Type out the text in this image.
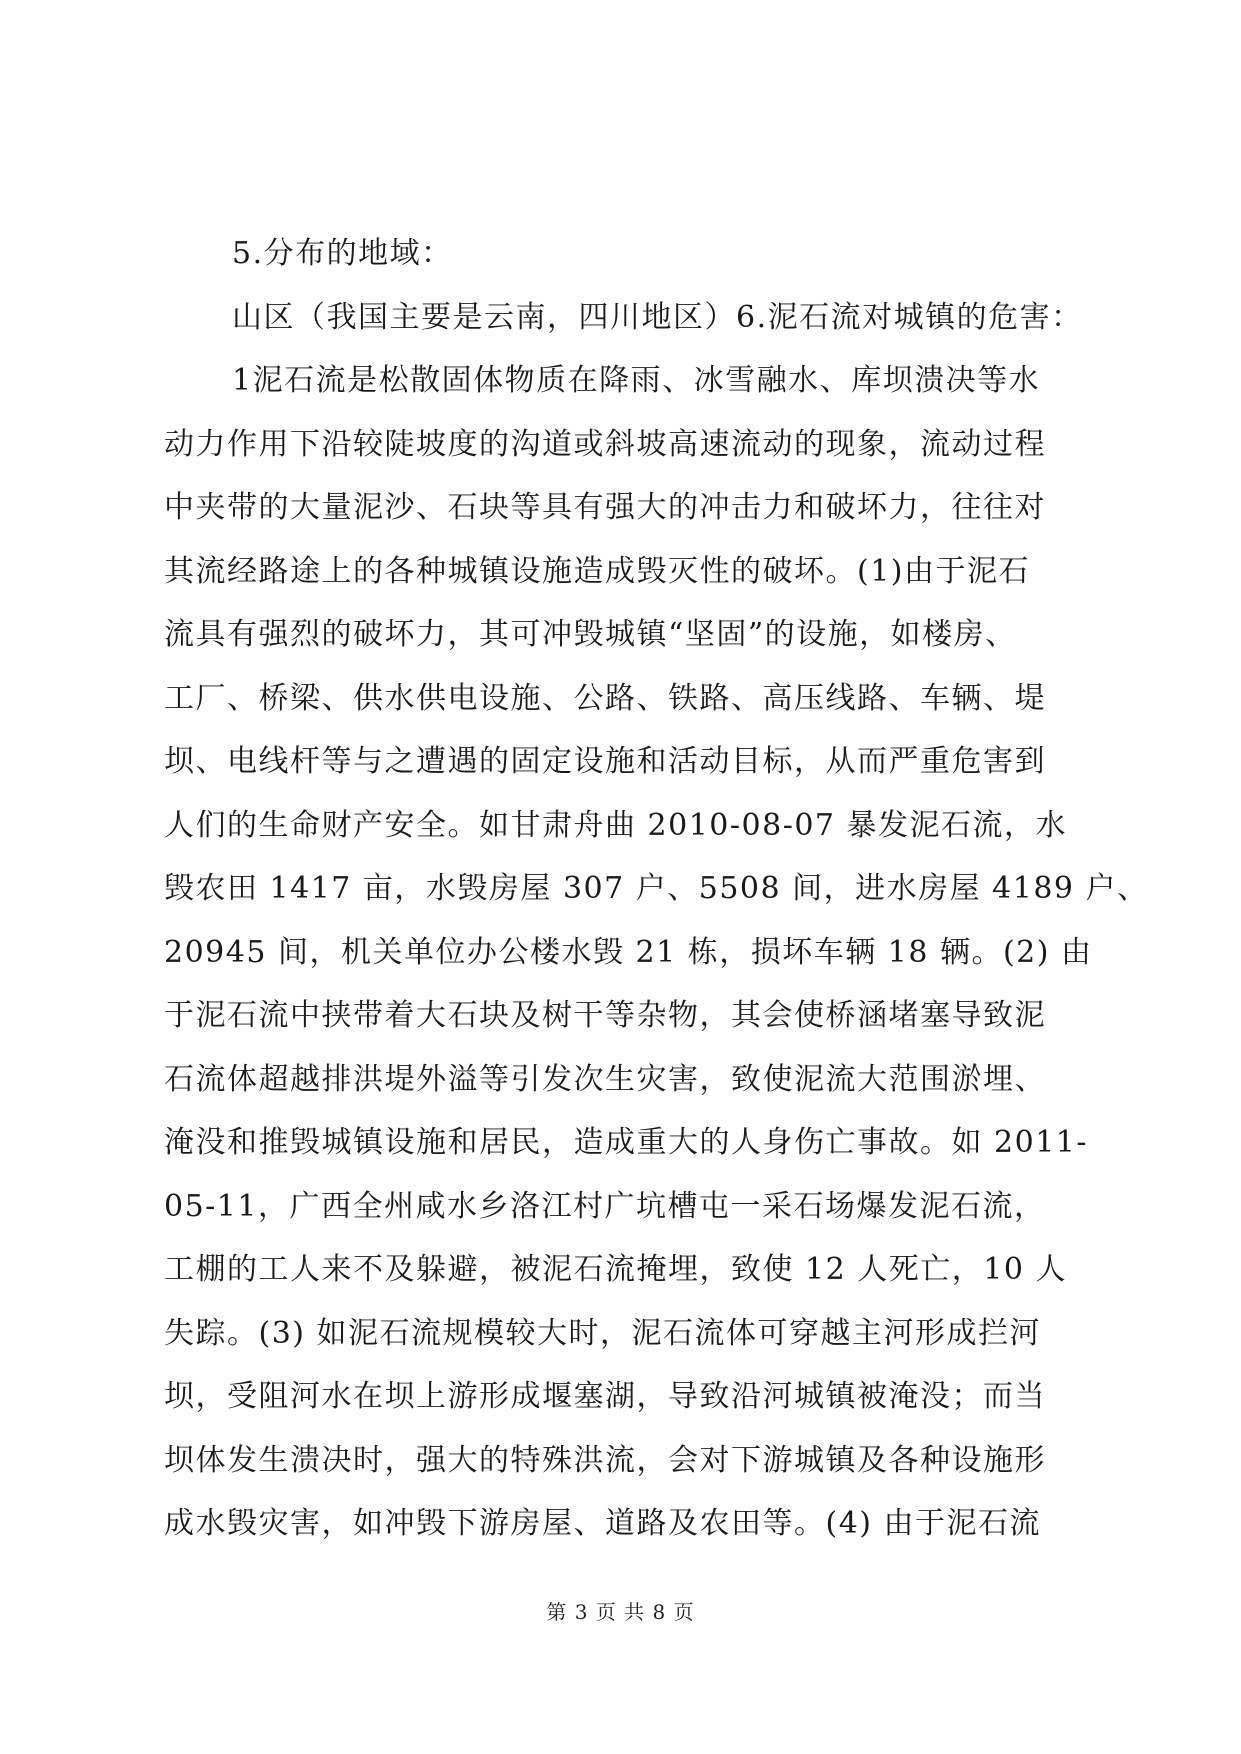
5.分布的地域：
山区（我国主要是云南，四川地区）6.泥石流对城镇的危害：
1泥石流是松散固体物质在降雨、冰雪融水、库坝溃决等水
动力作用下沿较陡坡度的沟道或斜坡高速流动的现象，流动过程
中夹带的大量泥沙、石块等具有强大的冲击力和破坏力，往往对
其流经路途上的各种城镇设施造成毁灭性的破坏。(1)由于泥石
流具有强烈的破坏力，其可冲毁城镇“坚固”的设施，如楼房、
工厂、桥梁、供水供电设施、公路、铁路、高压线路、车辆、堤
坝、电线杆等与之遭遇的固定设施和活动目标，从而严重危害到
人们的生命财产安全。如甘肃舟曲 2010-08-07 暴发泥石流，水
毁农田 1417 亩，水毁房屋 307 户、5508 间，进水房屋 4189 户、
20945 间，机关单位办公楼水毁 21 栋，损坏车辆 18 辆。(2) 由
于泥石流中挟带着大石块及树干等杂物，其会使桥涵堵塞导致泥
石流体超越排洪堤外溢等引发次生灾害，致使泥流大范围淤埋、
淹没和推毁城镇设施和居民，造成重大的人身伤亡事故。如 2011-
05-11，广西全州咸水乡洛江村广坑槽屯一采石场爆发泥石流，
工棚的工人来不及躲避，被泥石流掩埋，致使 12 人死亡，10 人
失踪。(3) 如泥石流规模较大时，泥石流体可穿越主河形成拦河
坝，受阻河水在坝上游形成堰塞湖，导致沿河城镇被淹没；而当
坝体发生溃决时，强大的特殊洪流，会对下游城镇及各种设施形
成水毁灾害，如冲毁下游房屋、道路及农田等。(4) 由于泥石流
第 3 页 共 8 页
